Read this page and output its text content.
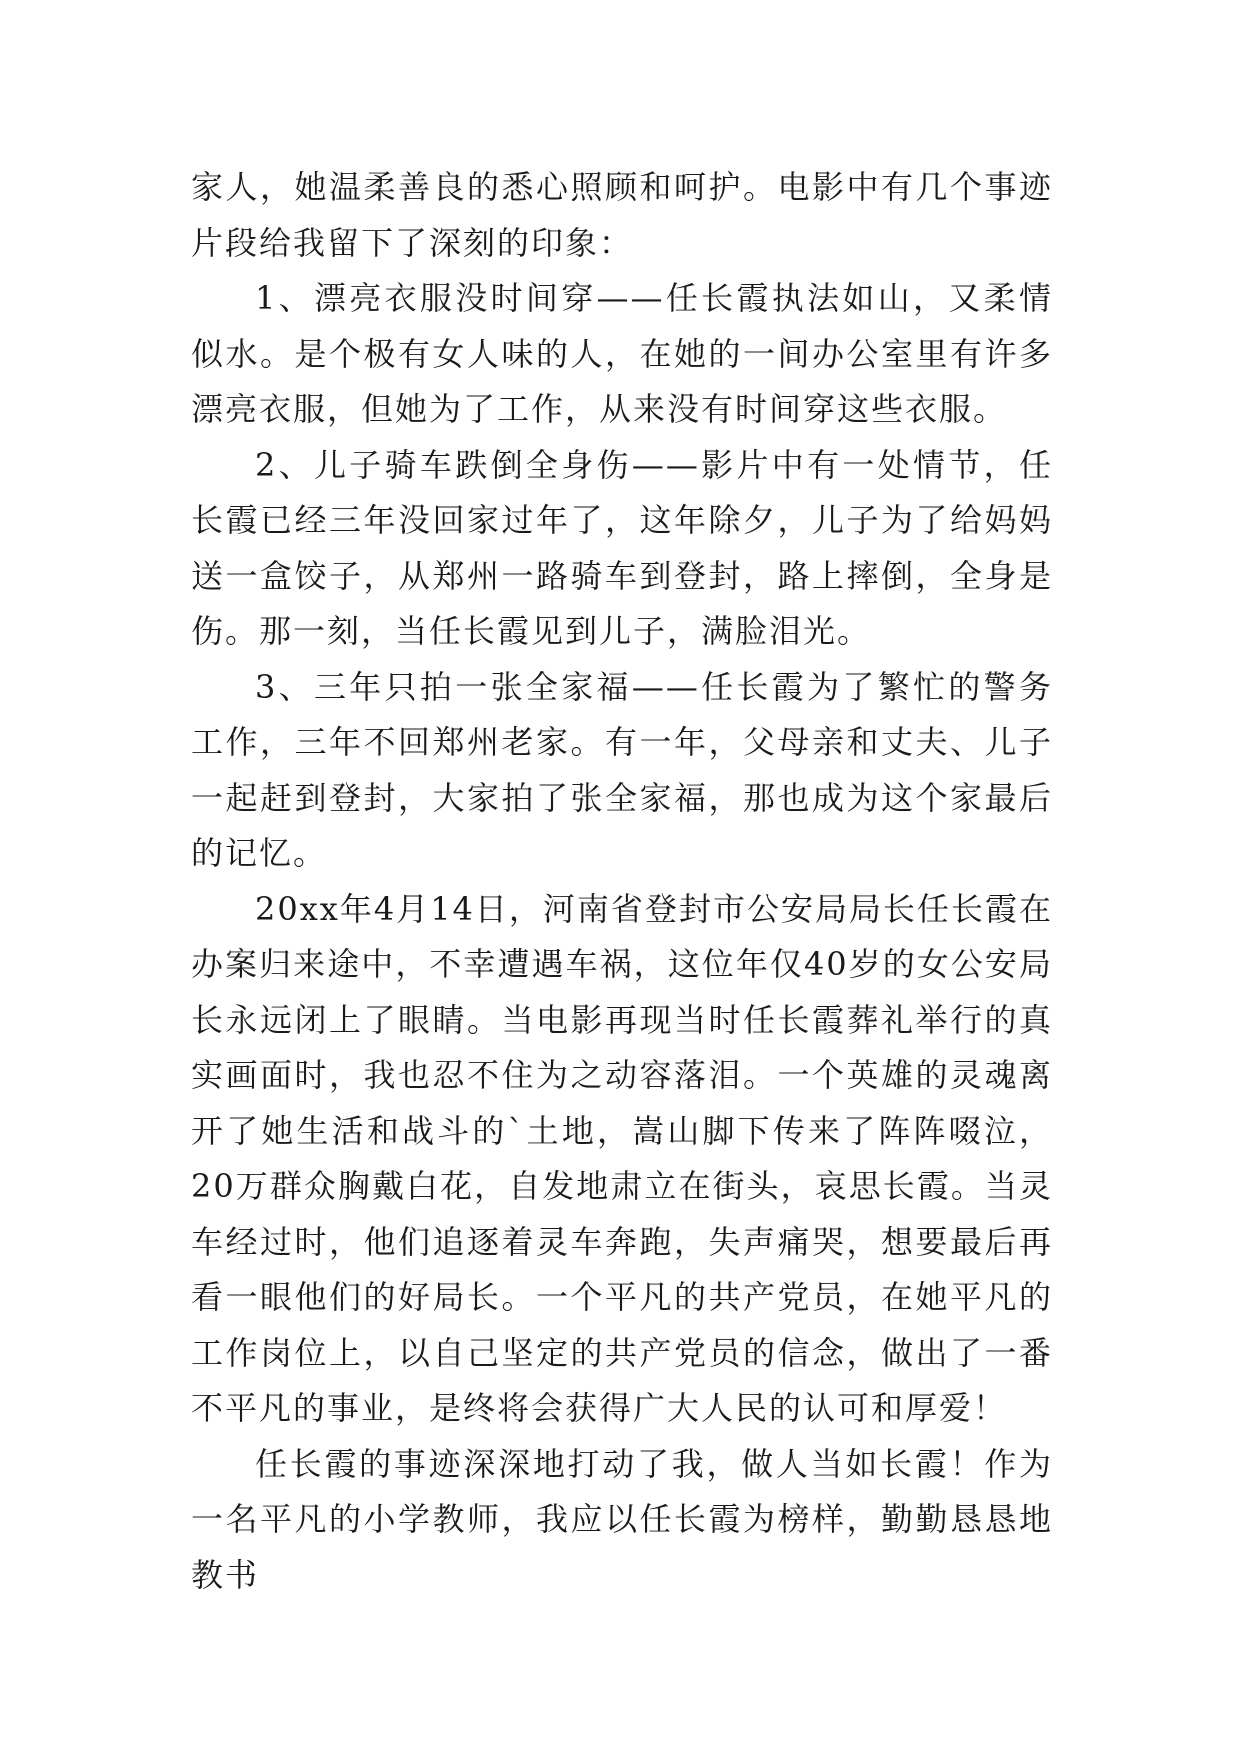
家人，她温柔善良的悉心照顾和呵护。电影中有几个事迹片段给我留下了深刻的印象：

1、漂亮衣服没时间穿——任长霞执法如山，又柔情似水。是个极有女人味的人，在她的一间办公室里有许多漂亮衣服，但她为了工作，从来没有时间穿这些衣服。

2、儿子骑车跌倒全身伤——影片中有一处情节，任长霞已经三年没回家过年了，这年除夕，儿子为了给妈妈送一盒饺子，从郑州一路骑车到登封，路上摔倒，全身是伤。那一刻，当任长霞见到儿子，满脸泪光。

3、三年只拍一张全家福——任长霞为了繁忙的警务工作，三年不回郑州老家。有一年，父母亲和丈夫、儿子一起赶到登封，大家拍了张全家福，那也成为这个家最后的记忆。

20xx年4月14日，河南省登封市公安局局长任长霞在办案归来途中，不幸遭遇车祸，这位年仅40岁的女公安局长永远闭上了眼睛。当电影再现当时任长霞葬礼举行的真实画面时，我也忍不住为之动容落泪。一个英雄的灵魂离开了她生活和战斗的`土地，嵩山脚下传来了阵阵啜泣，20万群众胸戴白花，自发地肃立在街头，哀思长霞。当灵车经过时，他们追逐着灵车奔跑，失声痛哭，想要最后再看一眼他们的好局长。一个平凡的共产党员，在她平凡的工作岗位上，以自己坚定的共产党员的信念，做出了一番不平凡的事业，是终将会获得广大人民的认可和厚爱！

任长霞的事迹深深地打动了我，做人当如长霞！作为一名平凡的小学教师，我应以任长霞为榜样，勤勤恳恳地教书
